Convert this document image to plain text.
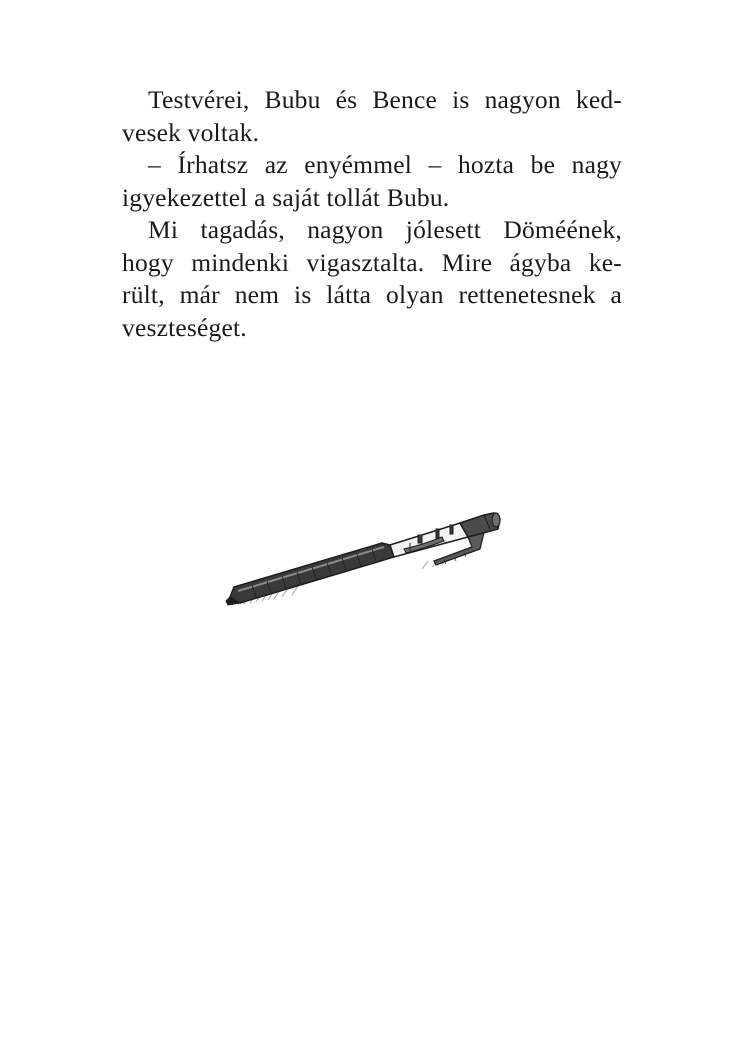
Testvérei, Bubu és Bence is nagyon ked-
vesek voltak.
– Írhatsz az enyémmel – hozta be nagy
igyekezettel a saját tollát Bubu.
Mi tagadás, nagyon jólesett Döméének,
hogy mindenki vigasztalta. Mire ágyba ke-
rült, már nem is látta olyan rettenetesnek a
veszteséget.
